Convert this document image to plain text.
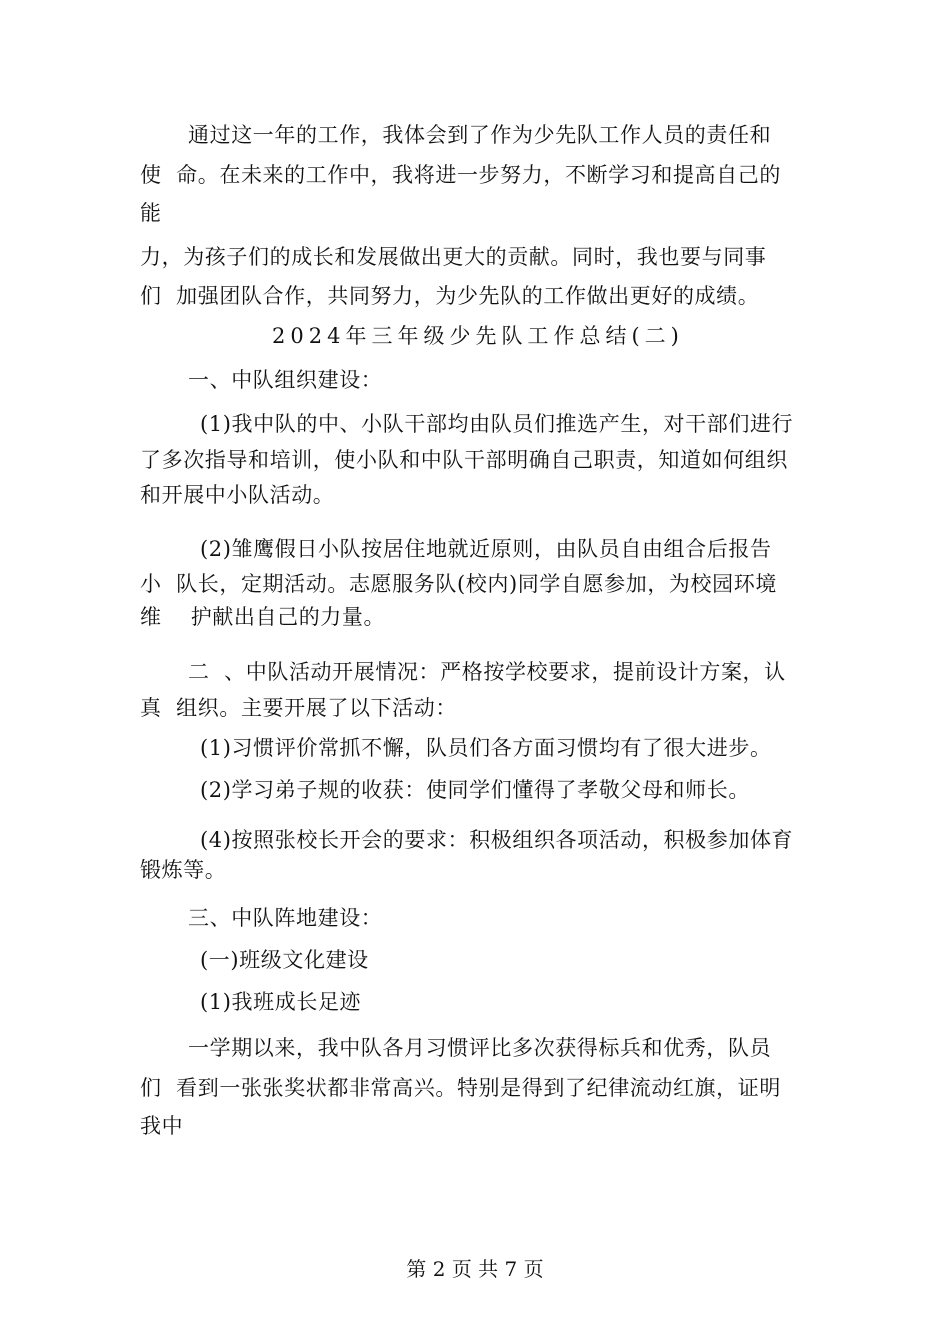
通过这一年的工作，我体会到了作为少先队工作人员的责任和
使  命。在未来的工作中，我将进一步努力，不断学习和提高自己的
能
力，为孩子们的成长和发展做出更大的贡献。同时，我也要与同事
们  加强团队合作，共同努力，为少先队的工作做出更好的成绩。
2024年三年级少先队工作总结(二)
一、中队组织建设：
(1)我中队的中、小队干部均由队员们推选产生，对干部们进行
了多次指导和培训，使小队和中队干部明确自己职责，知道如何组织
和开展中小队活动。
(2)雏鹰假日小队按居住地就近原则，由队员自由组合后报告
小  队长，定期活动。志愿服务队(校内)同学自愿参加，为校园环境
维    护献出自己的力量。
二  、中队活动开展情况：严格按学校要求，提前设计方案，认
真  组织。主要开展了以下活动：
(1)习惯评价常抓不懈，队员们各方面习惯均有了很大进步。
(2)学习弟子规的收获：使同学们懂得了孝敬父母和师长。
(4)按照张校长开会的要求：积极组织各项活动，积极参加体育
锻炼等。
三、中队阵地建设：
(一)班级文化建设
(1)我班成长足迹
一学期以来，我中队各月习惯评比多次获得标兵和优秀，队员
们  看到一张张奖状都非常高兴。特别是得到了纪律流动红旗，证明
我中
第 2 页 共 7 页
